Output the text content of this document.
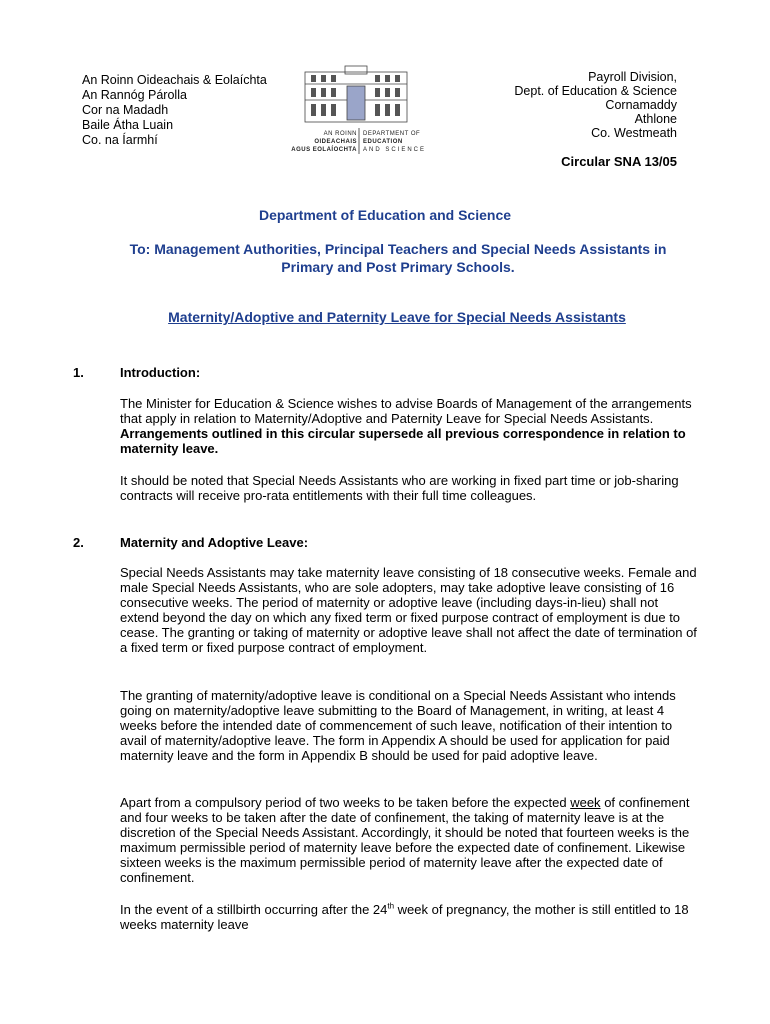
An Roinn Oideachais & Eolaíchta
An Rannóg Párolla
Cor na Madadh
Baile Átha Luain
Co. na Íarmhí	AN ROINN
OIDEACHAIS
AGUS EOLAÍOCHTA
DEPARTMENT OF
EDUCATION
AND SCIENCE
Payroll Division,
Dept. of Education & Science
Cornamaddy
Athlone
Co. Westmeath
Circular SNA 13/05
Department of Education and Science
To: Management Authorities, Principal Teachers and Special Needs Assistants in
Primary and Post Primary Schools.
Maternity/Adoptive and Paternity Leave for Special Needs Assistants
1.	Introduction:
The Minister for Education & Science wishes to advise Boards of Management of the arrangements that apply in relation to Maternity/Adoptive and Paternity Leave for Special Needs Assistants. Arrangements outlined in this circular supersede all previous correspondence in relation to maternity leave.
It should be noted that Special Needs Assistants who are working in fixed part time or job-sharing contracts will receive pro-rata entitlements with their full time colleagues.
2.	Maternity and Adoptive Leave:
Special Needs Assistants may take maternity leave consisting of 18 consecutive weeks. Female and male Special Needs Assistants, who are sole adopters, may take adoptive leave consisting of 16 consecutive weeks. The period of maternity or adoptive leave (including days-in-lieu) shall not extend beyond the day on which any fixed term or fixed purpose contract of employment is due to cease. The granting or taking of maternity or adoptive leave shall not affect the date of termination of a fixed term or fixed purpose contract of employment.
The granting of maternity/adoptive leave is conditional on a Special Needs Assistant who intends going on maternity/adoptive leave submitting to the Board of Management, in writing, at least 4 weeks before the intended date of commencement of such leave, notification of their intention to avail of maternity/adoptive leave. The form in Appendix A should be used for application for paid maternity leave and the form in Appendix B should be used for paid adoptive leave.
Apart from a compulsory period of two weeks to be taken before the expected week of confinement and four weeks to be taken after the date of confinement, the taking of maternity leave is at the discretion of the Special Needs Assistant. Accordingly, it should be noted that fourteen weeks is the maximum permissible period of maternity leave before the expected date of confinement. Likewise sixteen weeks is the maximum permissible period of maternity leave after the expected date of confinement.
In the event of a stillbirth occurring after the 24th week of pregnancy, the mother is still entitled to 18 weeks maternity leave
